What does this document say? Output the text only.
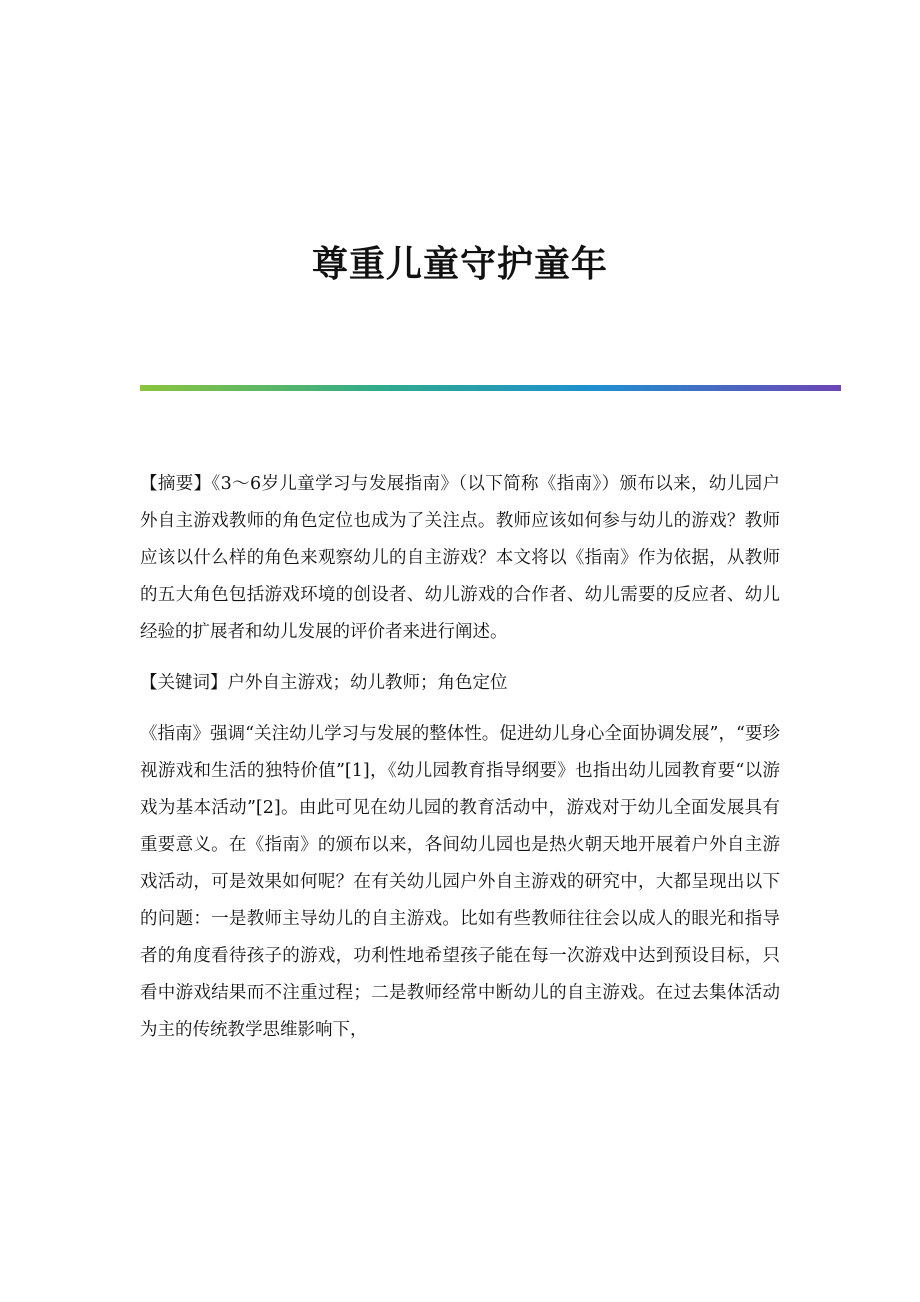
尊重儿童守护童年

【摘要】《3～6岁儿童学习与发展指南》（以下简称《指南》）颁布以来，幼儿园户外自主游戏教师的角色定位也成为了关注点。教师应该如何参与幼儿的游戏？教师应该以什么样的角色来观察幼儿的自主游戏？本文将以《指南》作为依据，从教师的五大角色包括游戏环境的创设者、幼儿游戏的合作者、幼儿需要的反应者、幼儿经验的扩展者和幼儿发展的评价者来进行阐述。

【关键词】户外自主游戏；幼儿教师；角色定位

《指南》强调“关注幼儿学习与发展的整体性。促进幼儿身心全面协调发展”，“要珍视游戏和生活的独特价值”[1]，《幼儿园教育指导纲要》也指出幼儿园教育要“以游戏为基本活动”[2]。由此可见在幼儿园的教育活动中，游戏对于幼儿全面发展具有重要意义。在《指南》的颁布以来，各间幼儿园也是热火朝天地开展着户外自主游戏活动，可是效果如何呢？在有关幼儿园户外自主游戏的研究中，大都呈现出以下的问题：一是教师主导幼儿的自主游戏。比如有些教师往往会以成人的眼光和指导者的角度看待孩子的游戏，功利性地希望孩子能在每一次游戏中达到预设目标，只看中游戏结果而不注重过程；二是教师经常中断幼儿的自主游戏。在过去集体活动为主的传统教学思维影响下，
